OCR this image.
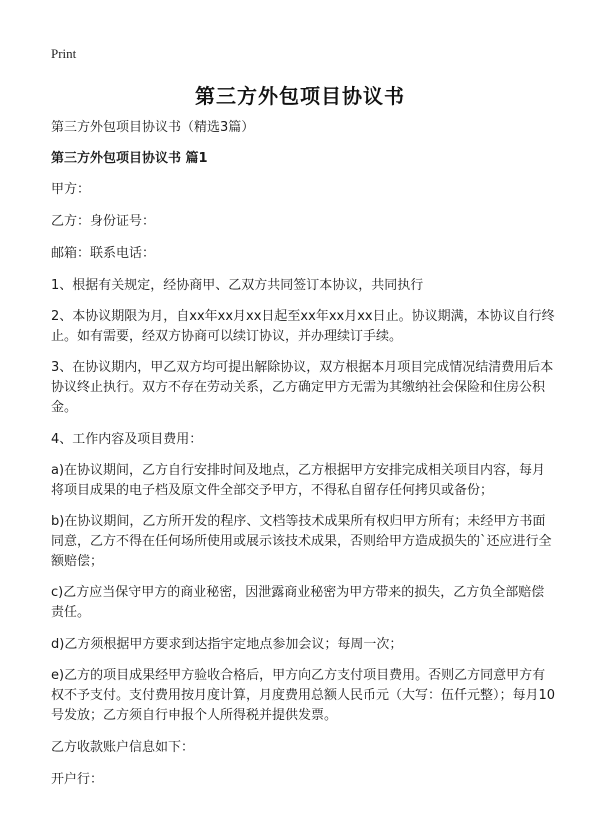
Print
第三方外包项目协议书
第三方外包项目协议书（精选3篇）
第三方外包项目协议书 篇1
甲方：
乙方：身份证号：
邮箱：联系电话：
1、根据有关规定，经协商甲、乙双方共同签订本协议，共同执行
2、本协议期限为月，自xx年xx月xx日起至xx年xx月xx日止。协议期满，本协议自行终止。如有需要，经双方协商可以续订协议，并办理续订手续。
3、在协议期内，甲乙双方均可提出解除协议，双方根据本月项目完成情况结清费用后本协议终止执行。双方不存在劳动关系，乙方确定甲方无需为其缴纳社会保险和住房公积金。
4、工作内容及项目费用：
a)在协议期间，乙方自行安排时间及地点，乙方根据甲方安排完成相关项目内容，每月将项目成果的电子档及原文件全部交予甲方，不得私自留存任何拷贝或备份；
b)在协议期间，乙方所开发的程序、文档等技术成果所有权归甲方所有；未经甲方书面同意，乙方不得在任何场所使用或展示该技术成果，否则给甲方造成损失的`还应进行全额赔偿；
c)乙方应当保守甲方的商业秘密，因泄露商业秘密为甲方带来的损失，乙方负全部赔偿责任。
d)乙方须根据甲方要求到达指宇定地点参加会议；每周一次；
e)乙方的项目成果经甲方验收合格后，甲方向乙方支付项目费用。否则乙方同意甲方有权不予支付。支付费用按月度计算，月度费用总额人民币元（大写：伍仟元整）；每月10号发放；乙方须自行申报个人所得税并提供发票。
乙方收款账户信息如下：
开户行：
